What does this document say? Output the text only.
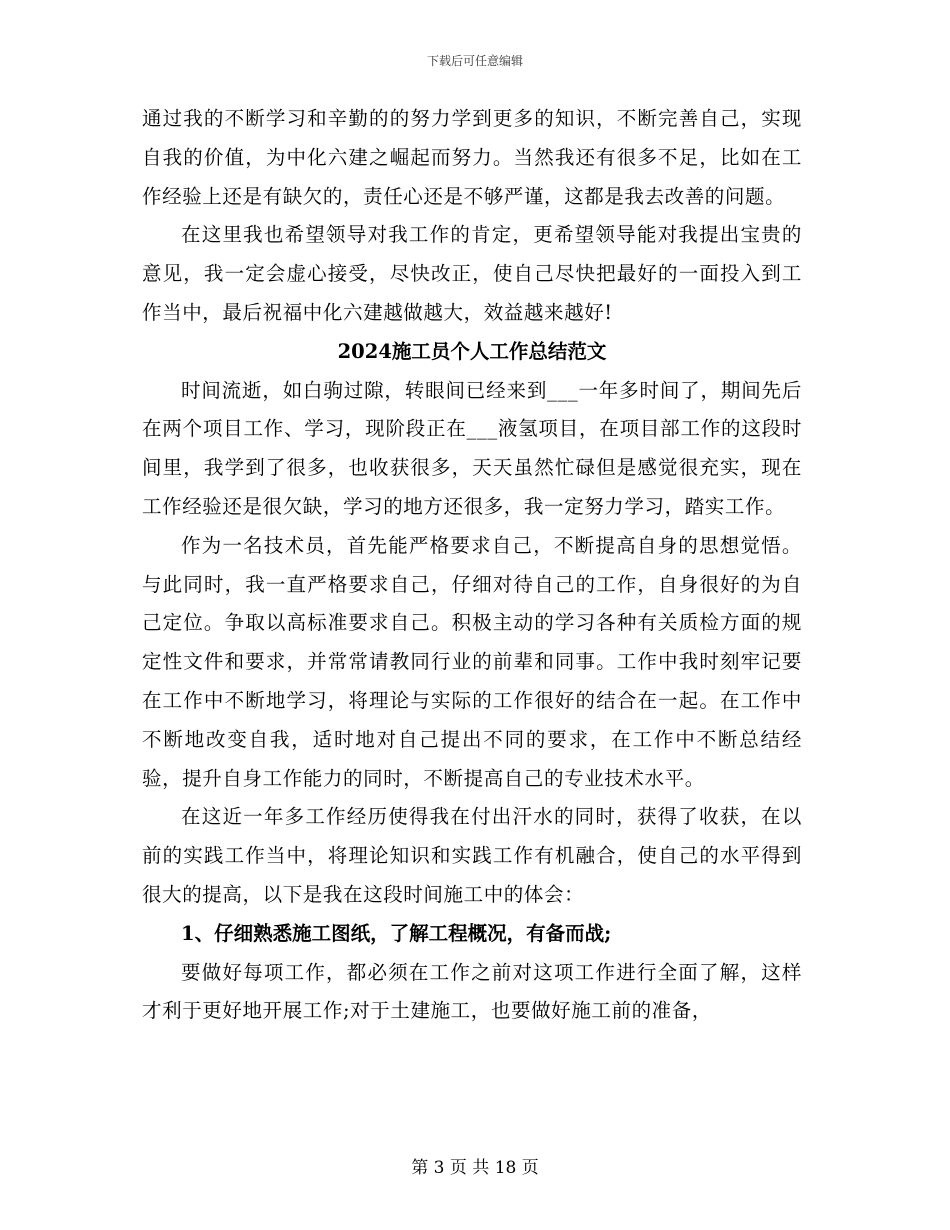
下载后可任意编辑

通过我的不断学习和辛勤的的努力学到更多的知识，不断完善自己，实现自我的价值，为中化六建之崛起而努力。当然我还有很多不足，比如在工作经验上还是有缺欠的，责任心还是不够严谨，这都是我去改善的问题。

在这里我也希望领导对我工作的肯定，更希望领导能对我提出宝贵的意见，我一定会虚心接受，尽快改正，使自己尽快把最好的一面投入到工作当中，最后祝福中化六建越做越大，效益越来越好!

2024施工员个人工作总结范文

时间流逝，如白驹过隙，转眼间已经来到___一年多时间了，期间先后在两个项目工作、学习，现阶段正在___液氢项目，在项目部工作的这段时间里，我学到了很多，也收获很多，天天虽然忙碌但是感觉很充实，现在工作经验还是很欠缺，学习的地方还很多，我一定努力学习，踏实工作。

作为一名技术员，首先能严格要求自己，不断提高自身的思想觉悟。与此同时，我一直严格要求自己，仔细对待自己的工作，自身很好的为自己定位。争取以高标准要求自己。积极主动的学习各种有关质检方面的规定性文件和要求，并常常请教同行业的前辈和同事。工作中我时刻牢记要在工作中不断地学习，将理论与实际的工作很好的结合在一起。在工作中不断地改变自我，适时地对自己提出不同的要求，在工作中不断总结经验，提升自身工作能力的同时，不断提高自己的专业技术水平。

在这近一年多工作经历使得我在付出汗水的同时，获得了收获，在以前的实践工作当中，将理论知识和实践工作有机融合，使自己的水平得到很大的提高，以下是我在这段时间施工中的体会：

1、仔细熟悉施工图纸，了解工程概况，有备而战;

要做好每项工作，都必须在工作之前对这项工作进行全面了解，这样才利于更好地开展工作;对于土建施工，也要做好施工前的准备，

第 3 页 共 18 页
